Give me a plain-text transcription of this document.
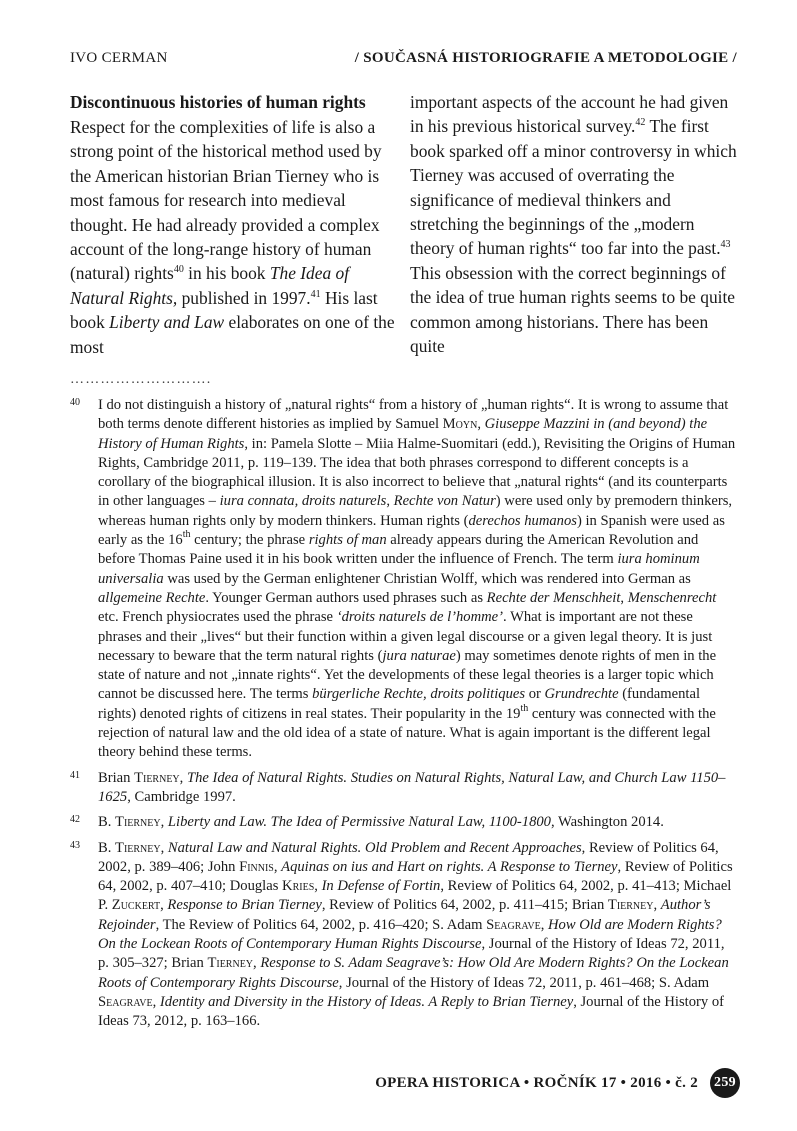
IVO CERMAN	/ SOUČASNÁ HISTORIOGRAFIE A METODOLOGIE /
Discontinuous histories of human rights

Respect for the complexities of life is also a strong point of the historical method used by the American historian Brian Tierney who is most famous for research into medieval thought. He had already provided a complex account of the long-range history of human (natural) rights$^{40}$ in his book The Idea of Natural Rights, published in 1997.41 His last book Liberty and Law elaborates on one of the most

important aspects of the account he had given in his previous historical survey.$^{42}$ The first book sparked off a minor controversy in which Tierney was accused of overrating the significance of medieval thinkers and stretching the beginnings of the „modern theory of human rights“ too far into the past.$^{43}$ This obsession with the correct beginnings of the idea of true human rights seems to be quite common among historians. There has been quite

……………………….
40 I do not distinguish a history of „natural rights“ from a history of „human rights“. It is wrong to assume that both terms denote different histories as implied by Samuel Moyn, Giuseppe Mazzini in (and beyond) the History of Human Rights, in: Pamela Slotte – Miia Halme-Suomitari (edd.), Revisiting the Origins of Human Rights, Cambridge 2011, p. 119–139. The idea that both phrases correspond to different concepts is a corollary of the biographical illusion. It is also incorrect to believe that „natural rights“ (and its counterparts in other languages – iura connata, droits naturels, Rechte von Natur) were used only by premodern thinkers, whereas human rights only by modern thinkers. Human rights (derechos humanos) in Spanish were used as early as the 16th century; the phrase rights of man already appears during the American Revolution and before Thomas Paine used it in his book written under the influence of French. The term iura hominum universalia was used by the German enlightener Christian Wolff, which was rendered into German as allgemeine Rechte. Younger German authors used phrases such as Rechte der Menschheit, Menschenrecht etc. French physiocrates used the phrase ‘droits naturels de l’homme’. What is important are not these phrases and their „lives“ but their function within a given legal discourse or a given legal theory. It is just necessary to beware that the term natural rights (jura naturae) may sometimes denote rights of men in the state of nature and not „innate rights“. Yet the developments of these legal theories is a larger topic which cannot be discussed here. The terms bürgerliche Rechte, droits politiques or Grundrechte (fundamental rights) denoted rights of citizens in real states. Their popularity in the 19th century was connected with the rejection of natural law and the old idea of a state of nature. What is again important is the different legal theory behind these terms.
41 Brian Tierney, The Idea of Natural Rights. Studies on Natural Rights, Natural Law, and Church Law 1150–1625, Cambridge 1997.
42 B. Tierney, Liberty and Law. The Idea of Permissive Natural Law, 1100-1800, Washington 2014.
43 B. Tierney, Natural Law and Natural Rights. Old Problem and Recent Approaches, Review of Politics 64, 2002, p. 389–406; John Finnis, Aquinas on ius and Hart on rights. A Response to Tierney, Review of Politics 64, 2002, p. 407–410; Douglas Kries, In Defense of Fortin, Review of Politics 64, 2002, p. 41–413; Michael P. Zuckert, Response to Brian Tierney, Review of Politics 64, 2002, p. 411–415; Brian Tierney, Author’s Rejoinder, The Review of Politics 64, 2002, p. 416–420; S. Adam Seagrave, How Old are Modern Rights? On the Lockean Roots of Contemporary Human Rights Discourse, Journal of the History of Ideas 72, 2011, p. 305–327; Brian Tierney, Response to S. Adam Seagrave’s: How Old Are Modern Rights? On the Lockean Roots of Contemporary Rights Discourse, Journal of the History of Ideas 72, 2011, p. 461–468; S. Adam Seagrave, Identity and Diversity in the History of Ideas. A Reply to Brian Tierney, Journal of the History of Ideas 73, 2012, p. 163–166.
OPERA HISTORICA • ROČNÍK 17 • 2016 • č. 2 259
